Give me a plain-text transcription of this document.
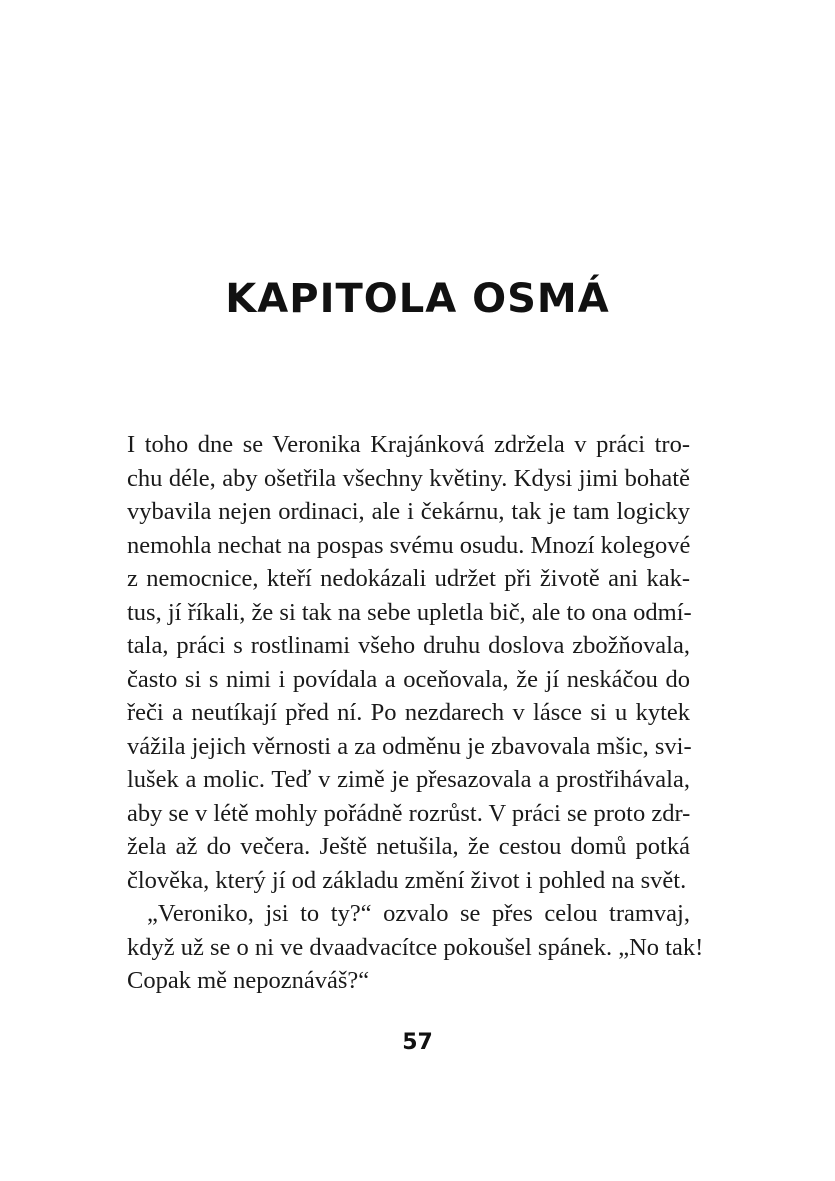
KAPITOLA OSMÁ
I toho dne se Veronika Krajánková zdržela v práci tro-
chu déle, aby ošetřila všechny květiny. Kdysi jimi bohatě
vybavila nejen ordinaci, ale i čekárnu, tak je tam logicky
nemohla nechat na pospas svému osudu. Mnozí kolegové
z nemocnice, kteří nedokázali udržet při životě ani kak-
tus, jí říkali, že si tak na sebe upletla bič, ale to ona odmí-
tala, práci s rostlinami všeho druhu doslova zbožňovala,
často si s nimi i povídala a oceňovala, že jí neskáčou do
řeči a neutíkají před ní. Po nezdarech v lásce si u kytek
vážila jejich věrnosti a za odměnu je zbavovala mšic, svi-
lušek a molic. Teď v zimě je přesazovala a prostřihávala,
aby se v létě mohly pořádně rozrůst. V práci se proto zdr-
žela až do večera. Ještě netušila, že cestou domů potká
člověka, který jí od základu změní život i pohled na svět.
„Veroniko, jsi to ty?“ ozvalo se přes celou tramvaj,
když už se o ni ve dvaadvacítce pokoušel spánek. „No tak!
Copak mě nepoznáváš?“
57
